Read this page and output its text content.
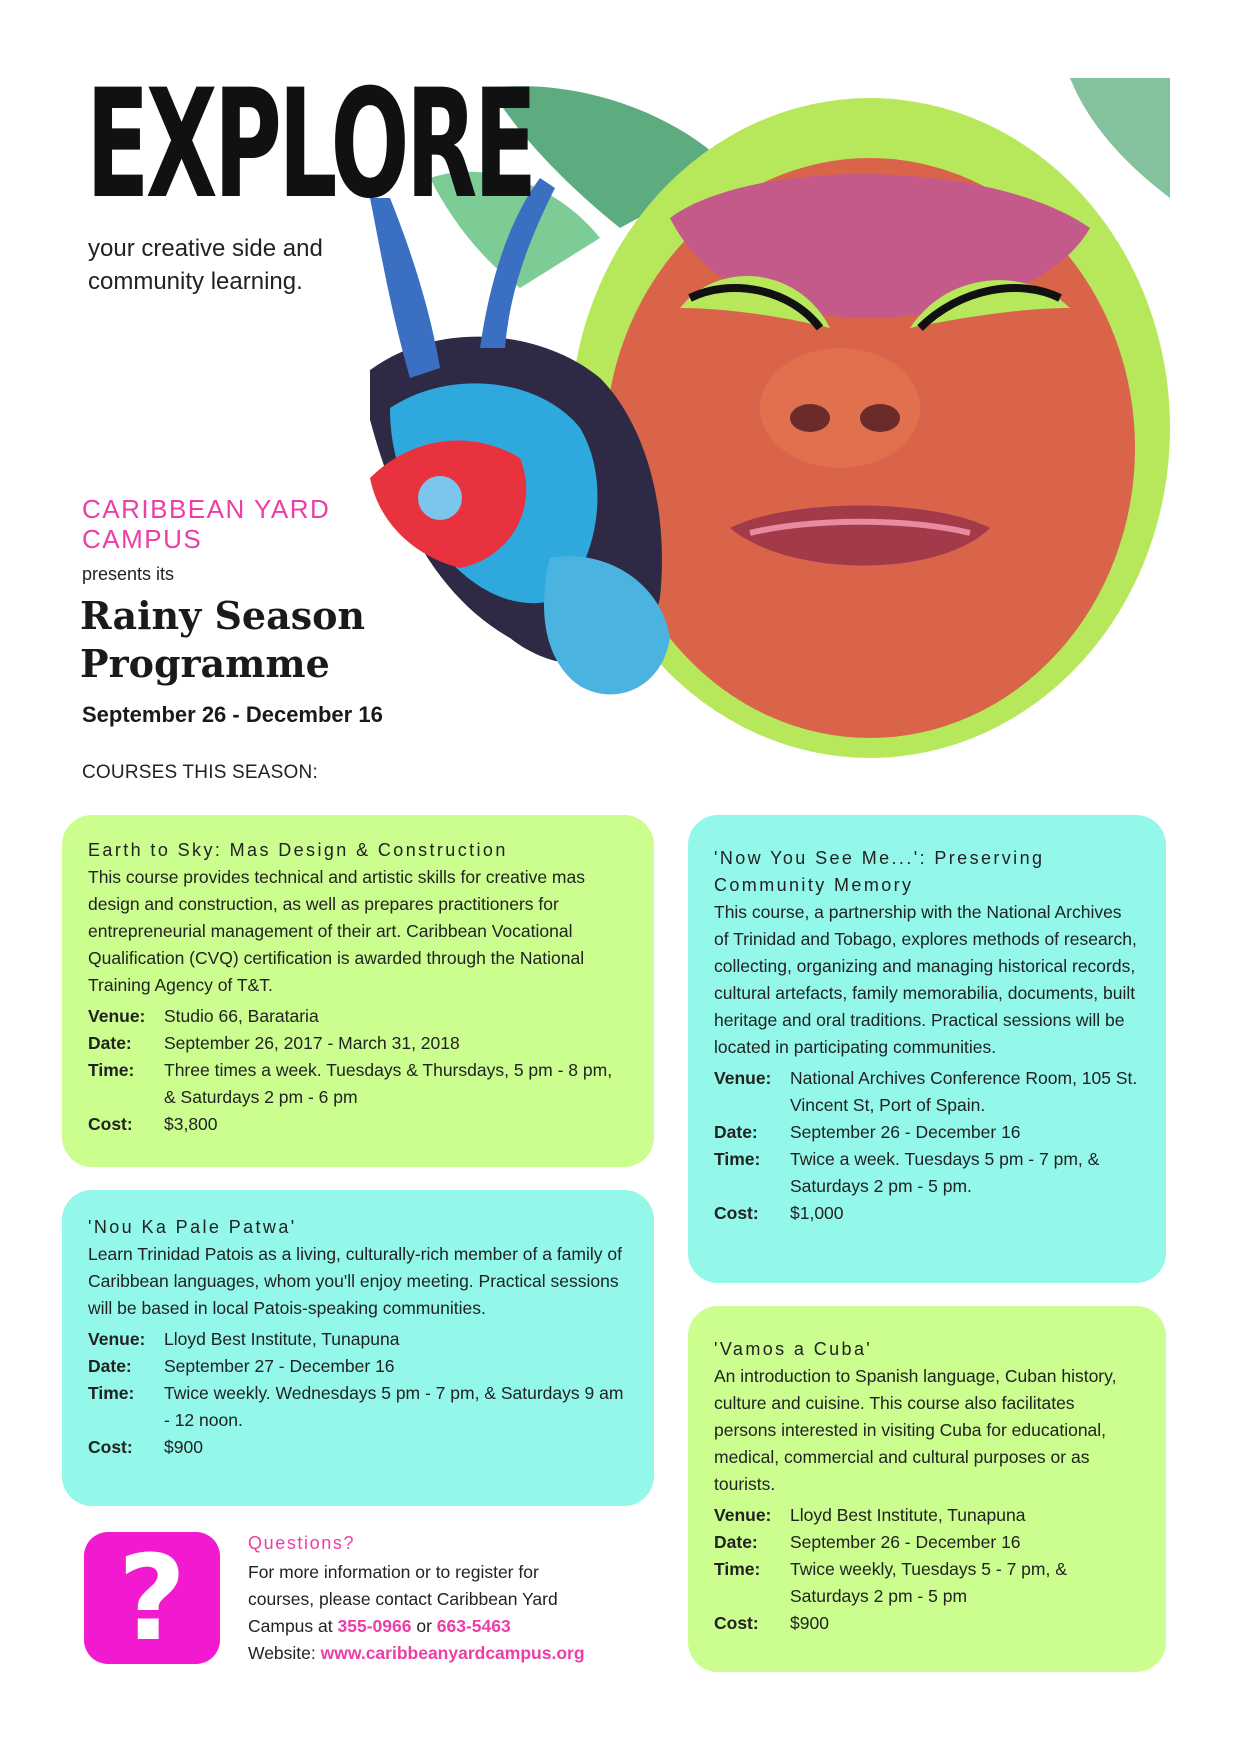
EXPLORE
your creative side and community learning.
CARIBBEAN YARD CAMPUS
presents its
Rainy Season Programme
September 26 - December 16
COURSES THIS SEASON:
Earth to Sky: Mas Design & Construction
This course provides technical and artistic skills for creative mas design and construction, as well as prepares practitioners for entrepreneurial management of their art. Caribbean Vocational Qualification (CVQ) certification is awarded through the National Training Agency of T&T.
Venue:	Studio 66, Barataria
Date:	September 26, 2017 - March 31, 2018
Time:	Three times a week. Tuesdays & Thursdays, 5 pm - 8 pm, & Saturdays 2 pm - 6 pm
Cost:	$3,800
'Now You See Me...': Preserving Community Memory
This course, a partnership with the National Archives of Trinidad and Tobago, explores methods of research, collecting, organizing and managing historical records, cultural artefacts, family memorabilia, documents, built heritage and oral traditions. Practical sessions will be located in participating communities.
Venue:	National Archives Conference Room, 105 St. Vincent St, Port of Spain.
Date:	September 26 - December 16
Time:	Twice a week. Tuesdays 5 pm - 7 pm, & Saturdays 2 pm - 5 pm.
Cost:	$1,000
'Nou Ka Pale Patwa'
Learn Trinidad Patois as a living, culturally-rich member of a family of Caribbean languages, whom you'll enjoy meeting. Practical sessions will be based in local Patois-speaking communities.
Venue:	Lloyd Best Institute, Tunapuna
Date:	September 27 - December 16
Time:	Twice weekly. Wednesdays 5 pm - 7 pm, & Saturdays 9 am - 12 noon.
Cost:	$900
'Vamos a Cuba'
An introduction to Spanish language, Cuban history, culture and cuisine. This course also facilitates persons interested in visiting Cuba for educational, medical, commercial and cultural purposes or as tourists.
Venue:	Lloyd Best Institute, Tunapuna
Date:	September 26 - December 16
Time:	Twice weekly, Tuesdays 5 - 7 pm, & Saturdays 2 pm - 5 pm
Cost:	$900
?	Questions?
For more information or to register for courses, please contact Caribbean Yard Campus at 355-0966 or 663-5463
Website: www.caribbeanyardcampus.org
